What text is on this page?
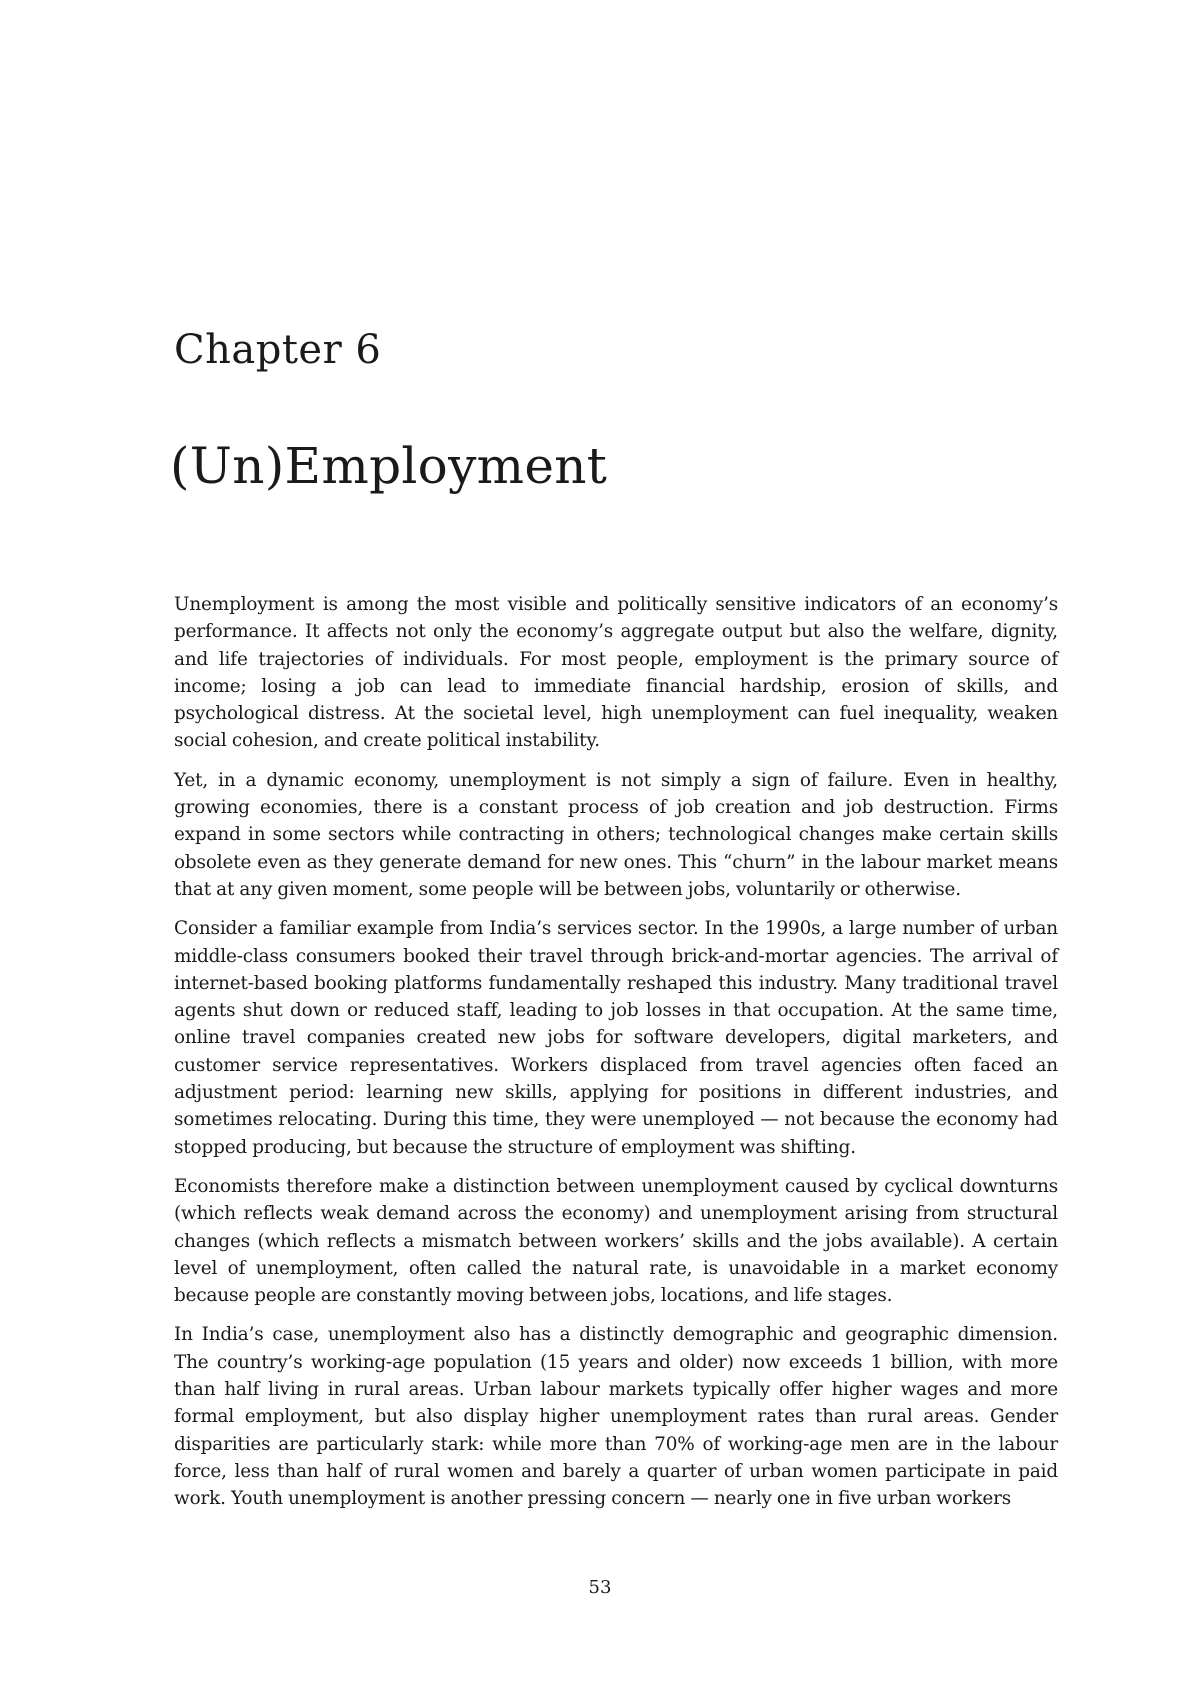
Chapter 6
(Un)Employment

Unemployment is among the most visible and politically sensitive indicators of an economy’s performance. It affects not only the economy’s aggregate output but also the welfare, dignity, and life trajectories of individuals. For most people, employment is the primary source of income; losing a job can lead to immediate financial hardship, erosion of skills, and psychological distress. At the societal level, high unemployment can fuel inequality, weaken social cohesion, and create political instability.

Yet, in a dynamic economy, unemployment is not simply a sign of failure. Even in healthy, growing economies, there is a constant process of job creation and job destruction. Firms expand in some sectors while contracting in others; technological changes make certain skills obsolete even as they generate demand for new ones. This “churn” in the labour market means that at any given moment, some people will be between jobs, voluntarily or otherwise.

Consider a familiar example from India’s services sector. In the 1990s, a large number of urban middle-class consumers booked their travel through brick-and-mortar agencies. The arrival of internet-based booking platforms fundamentally reshaped this industry. Many traditional travel agents shut down or reduced staff, leading to job losses in that occupation. At the same time, online travel companies created new jobs for software developers, digital marketers, and customer service representatives. Workers displaced from travel agencies often faced an adjustment period: learning new skills, applying for positions in different industries, and sometimes relocating. During this time, they were unemployed — not because the economy had stopped producing, but because the structure of employment was shifting.

Economists therefore make a distinction between unemployment caused by cyclical downturns (which reflects weak demand across the economy) and unemployment arising from structural changes (which reflects a mismatch between workers’ skills and the jobs available). A certain level of unemployment, often called the natural rate, is unavoidable in a market economy because people are constantly moving between jobs, locations, and life stages.

In India’s case, unemployment also has a distinctly demographic and geographic dimension. The country’s working-age population (15 years and older) now exceeds 1 billion, with more than half living in rural areas. Urban labour markets typically offer higher wages and more formal employment, but also display higher unemployment rates than rural areas. Gender disparities are particularly stark: while more than 70% of working-age men are in the labour force, less than half of rural women and barely a quarter of urban women participate in paid work. Youth unemployment is another pressing concern — nearly one in five urban workers

53
